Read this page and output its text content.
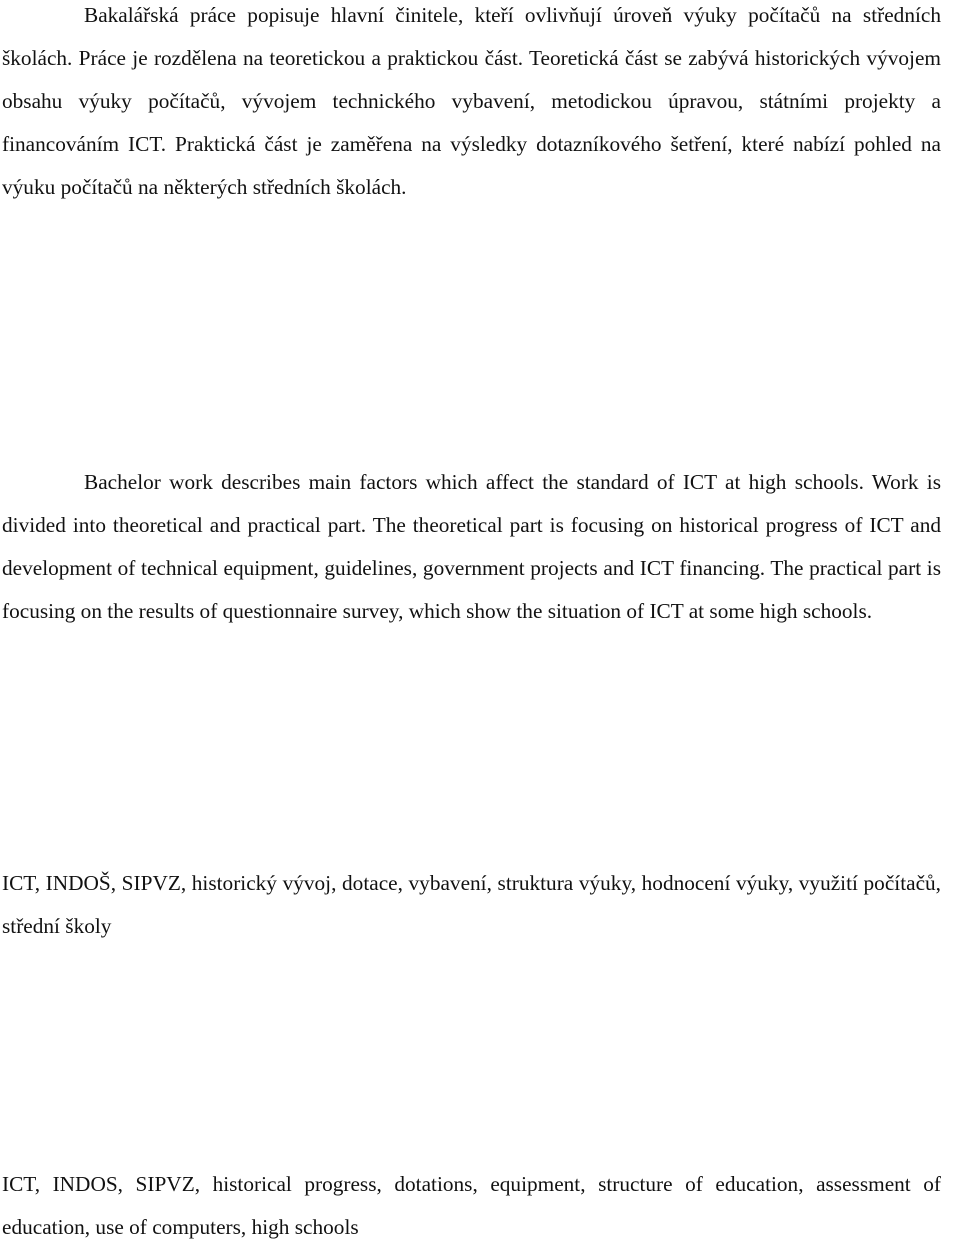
Bakalářská práce popisuje hlavní činitele, kteří ovlivňují úroveň výuky počítačů na středních školách. Práce je rozdělena na teoretickou a praktickou část. Teoretická část se zabývá historických vývojem obsahu výuky počítačů, vývojem technického vybavení, metodickou úpravou, státními projekty a financováním ICT. Praktická část je zaměřena na výsledky dotazníkového šetření, které nabízí pohled na výuku počítačů na některých středních školách.

Bachelor work describes main factors which affect the standard of ICT at high schools. Work is divided into theoretical and practical part. The theoretical part is focusing on historical progress of ICT and development of technical equipment, guidelines, government projects and ICT financing. The practical part is focusing on the results of questionnaire survey, which show the situation of ICT at some high schools.

ICT, INDOŠ, SIPVZ, historický vývoj, dotace, vybavení, struktura výuky, hodnocení výuky, využití počítačů, střední školy

ICT, INDOS, SIPVZ, historical progress, dotations, equipment, structure of education, assessment of education, use of computers, high schools
